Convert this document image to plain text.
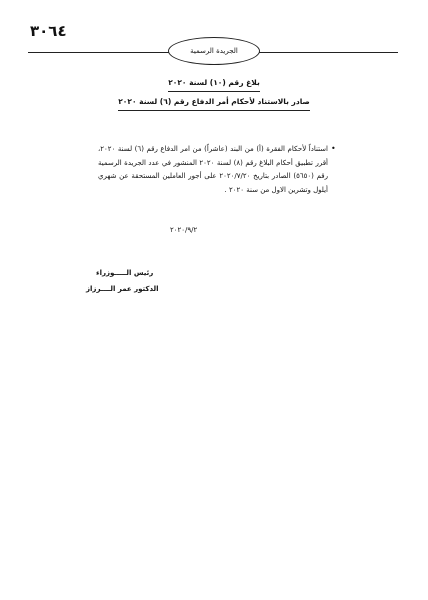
٣٠٦٤
الجريدة الرسمية
بلاغ رقم (١٠) لسنة ٢٠٢٠
صادر بالاستناد لأحكام أمر الدفاع رقم (٦) لسنة ٢٠٢٠
•
استناداً لأحكام الفقرة (أ) من البند (عاشراً) من امر الدفاع رقم (٦) لسنة ٢٠٢٠، أقرر تطبيق أحكام البلاغ رقم (٨) لسنة ٢٠٢٠ المنشور في عدد الجريدة الرسمية رقم (٥٦٥٠) الصادر بتاريخ ٢٠٢٠/٧/٢٠ على أجور العاملين المستحقة عن شهري أيلول وتشرين الاول من سنة ٢٠٢٠ .
٢٠٢٠/٩/٢
رئيس الـــــوزراء
الدكتور عمر الــــرزاز
